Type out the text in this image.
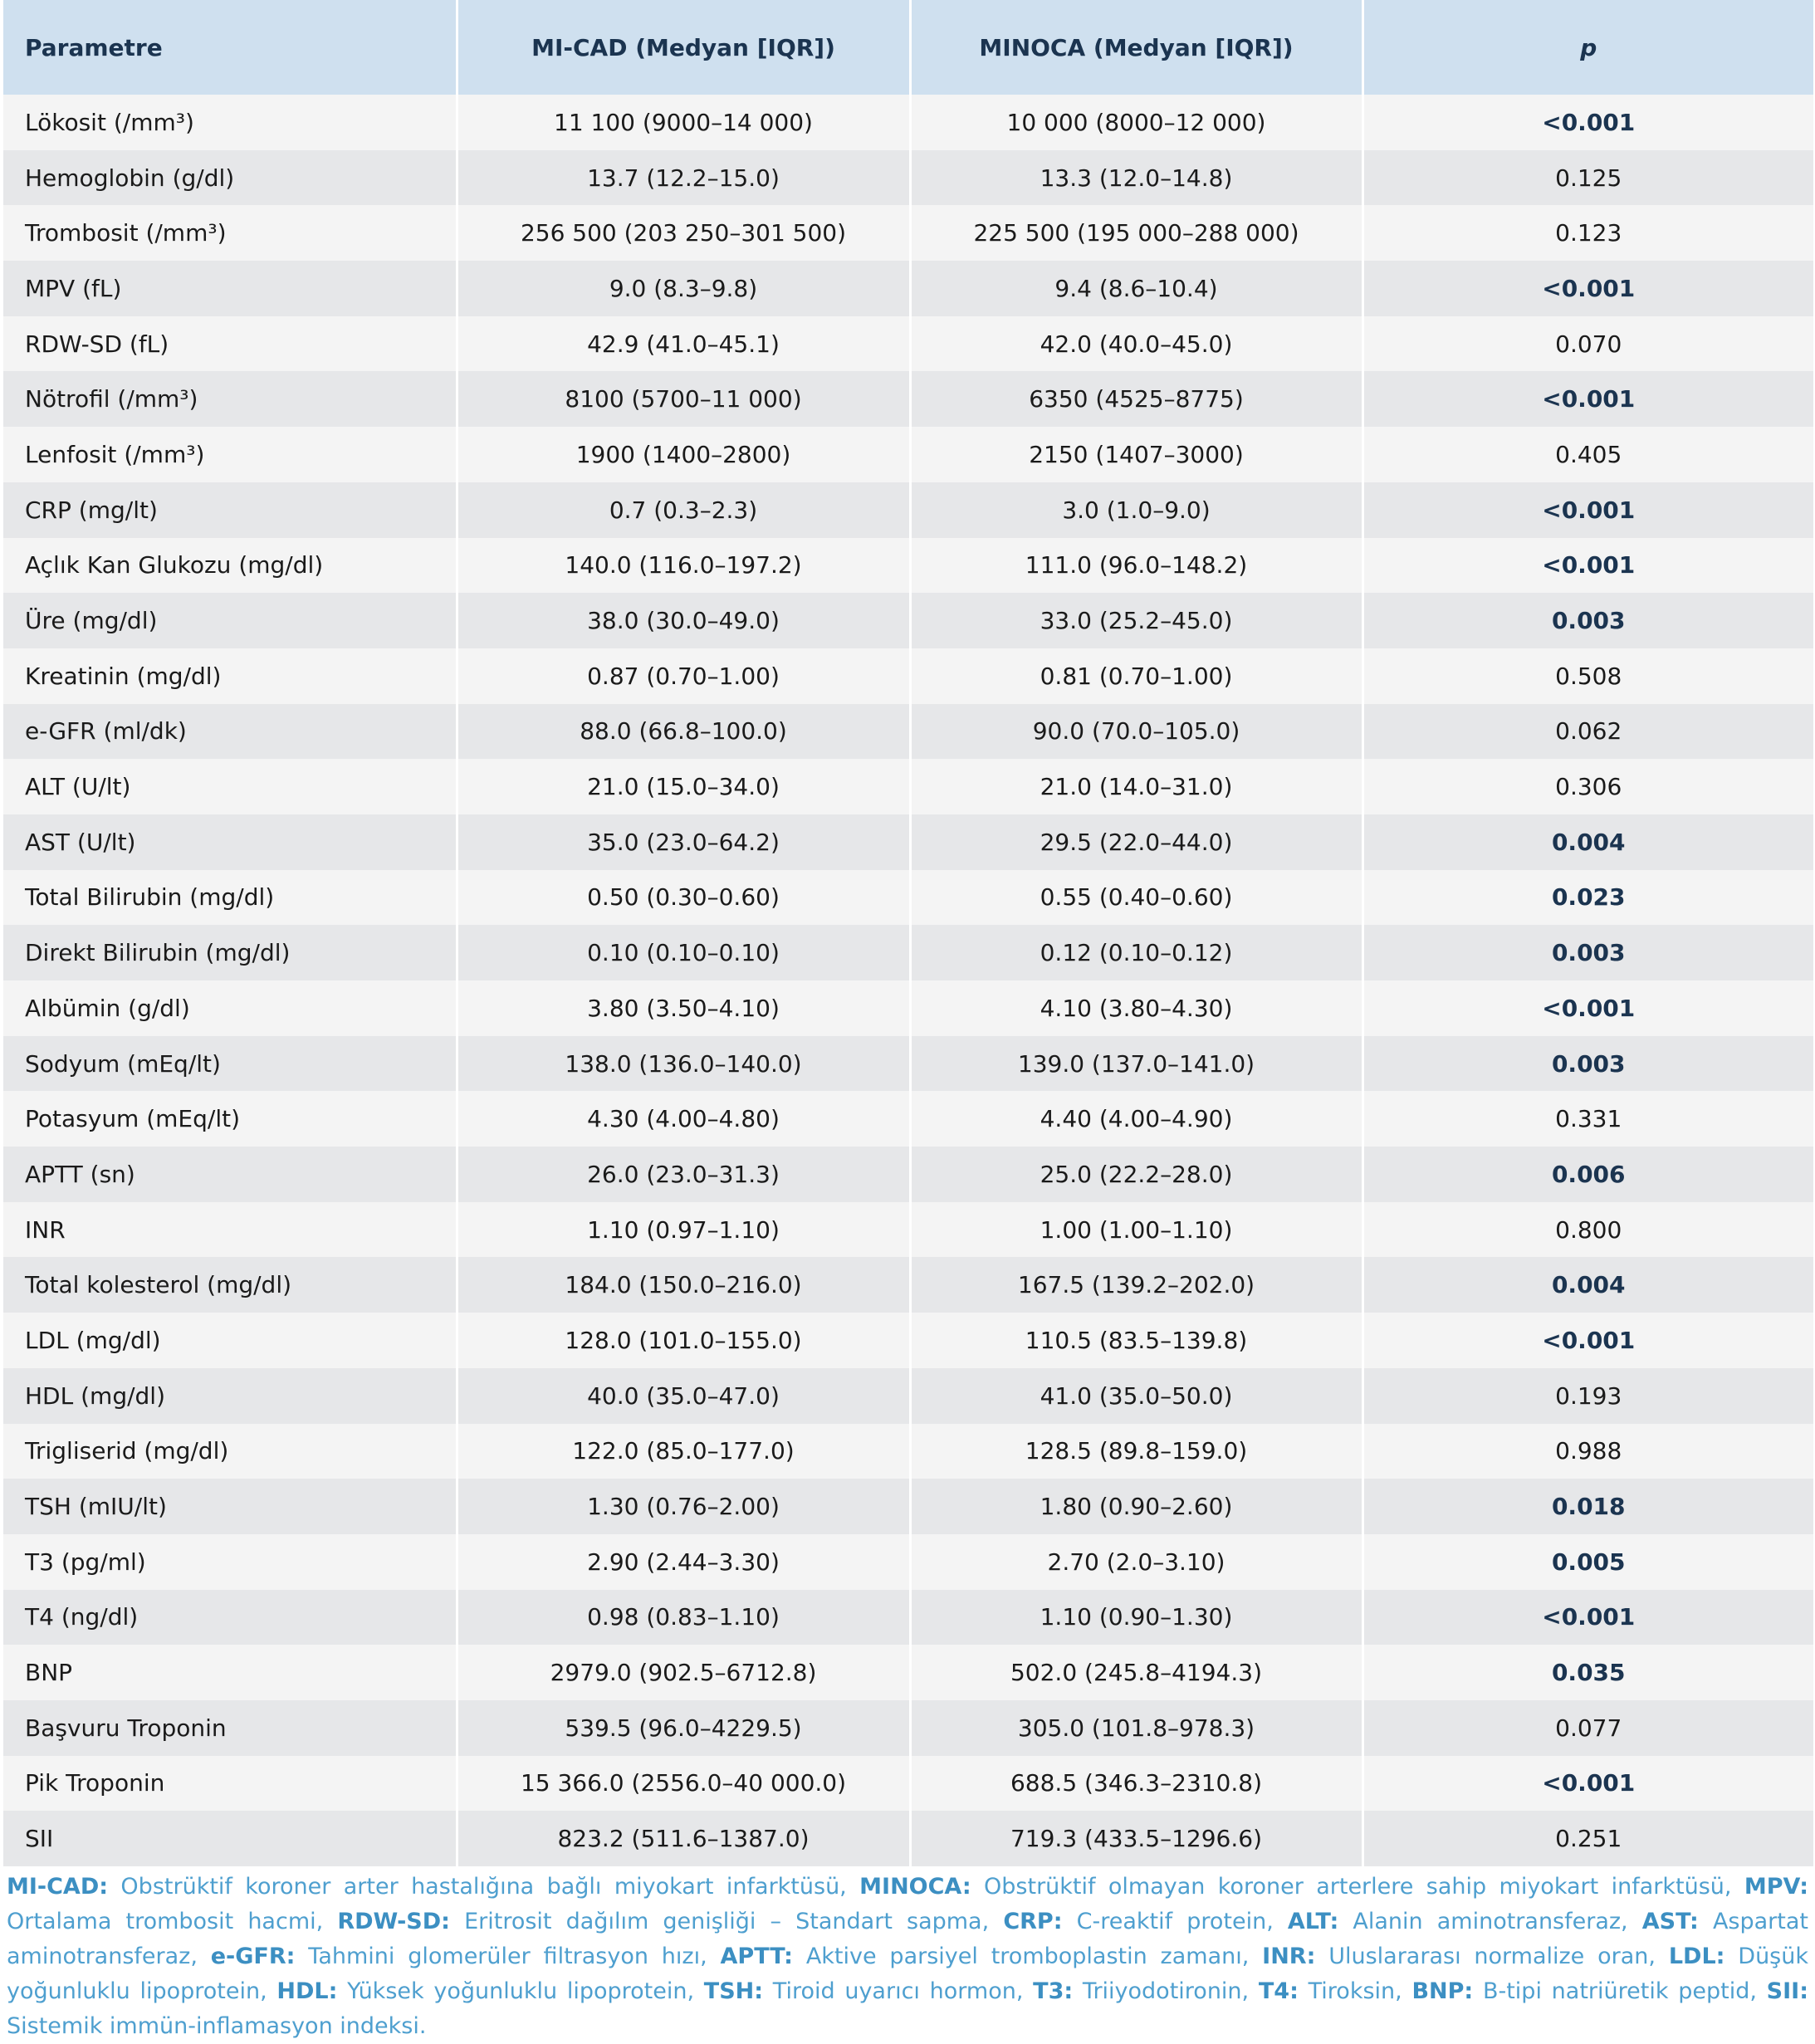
Parametre	MI-CAD (Medyan [IQR])	MINOCA (Medyan [IQR])	p
Lökosit (/mm³)	11 100 (9000–14 000)	10 000 (8000–12 000)	<0.001
Hemoglobin (g/dl)	13.7 (12.2–15.0)	13.3 (12.0–14.8)	0.125
Trombosit (/mm³)	256 500 (203 250–301 500)	225 500 (195 000–288 000)	0.123
MPV (fL)	9.0 (8.3–9.8)	9.4 (8.6–10.4)	<0.001
RDW-SD (fL)	42.9 (41.0–45.1)	42.0 (40.0–45.0)	0.070
Nötrofil (/mm³)	8100 (5700–11 000)	6350 (4525–8775)	<0.001
Lenfosit (/mm³)	1900 (1400–2800)	2150 (1407–3000)	0.405
CRP (mg/lt)	0.7 (0.3–2.3)	3.0 (1.0–9.0)	<0.001
Açlık Kan Glukozu (mg/dl)	140.0 (116.0–197.2)	111.0 (96.0–148.2)	<0.001
Üre (mg/dl)	38.0 (30.0–49.0)	33.0 (25.2–45.0)	0.003
Kreatinin (mg/dl)	0.87 (0.70–1.00)	0.81 (0.70–1.00)	0.508
e-GFR (ml/dk)	88.0 (66.8–100.0)	90.0 (70.0–105.0)	0.062
ALT (U/lt)	21.0 (15.0–34.0)	21.0 (14.0–31.0)	0.306
AST (U/lt)	35.0 (23.0–64.2)	29.5 (22.0–44.0)	0.004
Total Bilirubin (mg/dl)	0.50 (0.30–0.60)	0.55 (0.40–0.60)	0.023
Direkt Bilirubin (mg/dl)	0.10 (0.10–0.10)	0.12 (0.10–0.12)	0.003
Albümin (g/dl)	3.80 (3.50–4.10)	4.10 (3.80–4.30)	<0.001
Sodyum (mEq/lt)	138.0 (136.0–140.0)	139.0 (137.0–141.0)	0.003
Potasyum (mEq/lt)	4.30 (4.00–4.80)	4.40 (4.00–4.90)	0.331
APTT (sn)	26.0 (23.0–31.3)	25.0 (22.2–28.0)	0.006
INR	1.10 (0.97–1.10)	1.00 (1.00–1.10)	0.800
Total kolesterol (mg/dl)	184.0 (150.0–216.0)	167.5 (139.2–202.0)	0.004
LDL (mg/dl)	128.0 (101.0–155.0)	110.5 (83.5–139.8)	<0.001
HDL (mg/dl)	40.0 (35.0–47.0)	41.0 (35.0–50.0)	0.193
Trigliserid (mg/dl)	122.0 (85.0–177.0)	128.5 (89.8–159.0)	0.988
TSH (mIU/lt)	1.30 (0.76–2.00)	1.80 (0.90–2.60)	0.018
T3 (pg/ml)	2.90 (2.44–3.30)	2.70 (2.0–3.10)	0.005
T4 (ng/dl)	0.98 (0.83–1.10)	1.10 (0.90–1.30)	<0.001
BNP	2979.0 (902.5–6712.8)	502.0 (245.8–4194.3)	0.035
Başvuru Troponin	539.5 (96.0–4229.5)	305.0 (101.8–978.3)	0.077
Pik Troponin	15 366.0 (2556.0–40 000.0)	688.5 (346.3–2310.8)	<0.001
SII	823.2 (511.6–1387.0)	719.3 (433.5–1296.6)	0.251
MI-CAD: Obstrüktif koroner arter hastalığına bağlı miyokart infarktüsü, MINOCA: Obstrüktif olmayan koroner arterlere sahip miyokart infarktüsü, MPV: Ortalama trombosit hacmi, RDW-SD: Eritrosit dağılım genişliği – Standart sapma, CRP: C-reaktif protein, ALT: Alanin aminotransferaz, AST: Aspartat aminotransferaz, e-GFR: Tahmini glomerüler filtrasyon hızı, APTT: Aktive parsiyel tromboplastin zamanı, INR: Uluslararası normalize oran, LDL: Düşük yoğunluklu lipoprotein, HDL: Yüksek yoğunluklu lipoprotein, TSH: Tiroid uyarıcı hormon, T3: Triiyodotironin, T4: Tiroksin, BNP: B-tipi natriüretik peptid, SII: Sistemik immün-inflamasyon indeksi.
